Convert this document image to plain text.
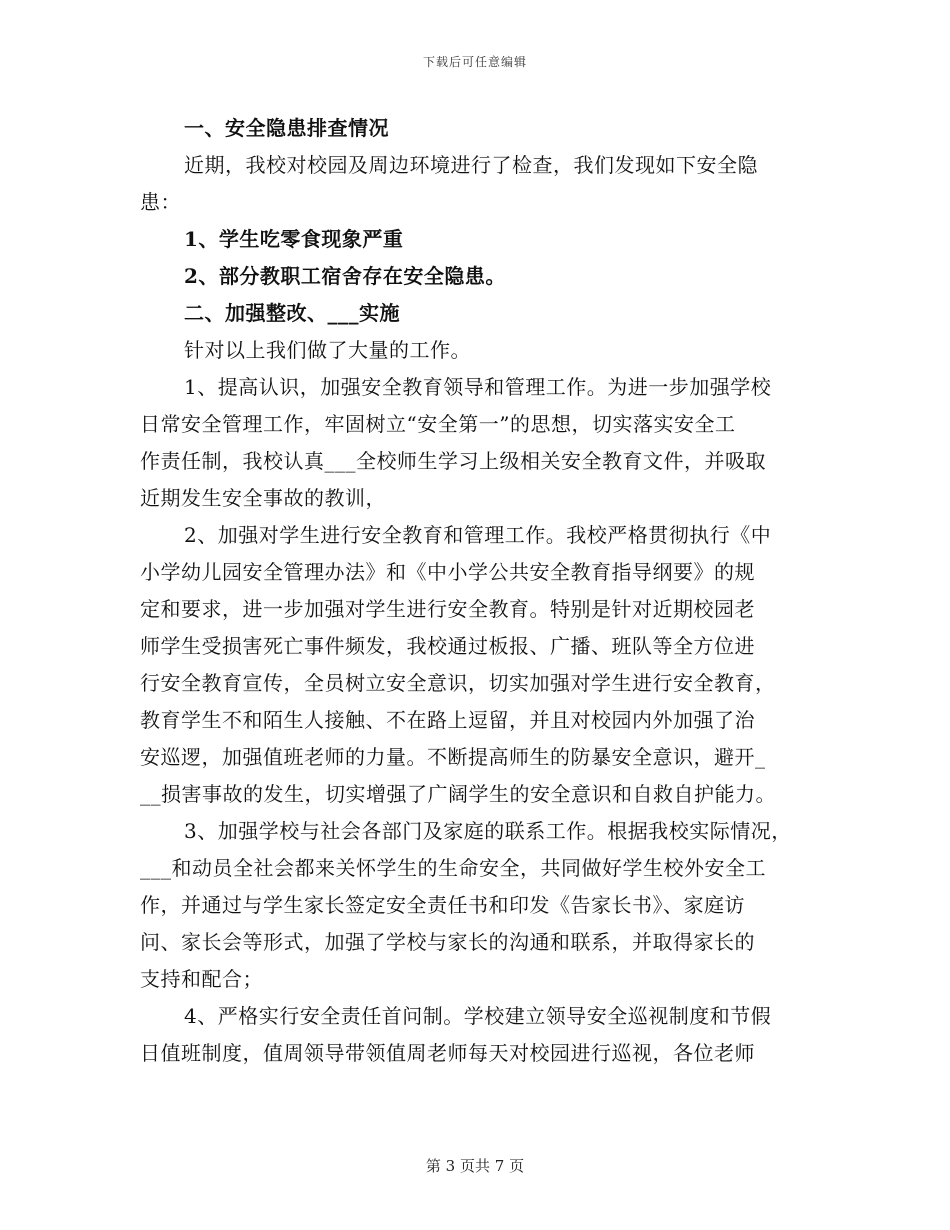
下载后可任意编辑
一、安全隐患排查情况
近期，我校对校园及周边环境进行了检查，我们发现如下安全隐
患：
1、学生吃零食现象严重
2、部分教职工宿舍存在安全隐患。
二、加强整改、___实施
针对以上我们做了大量的工作。
1、提高认识，加强安全教育领导和管理工作。为进一步加强学校
日常安全管理工作，牢固树立“安全第一”的思想，切实落实安全工
作责任制，我校认真___全校师生学习上级相关安全教育文件，并吸取
近期发生安全事故的教训，
2、加强对学生进行安全教育和管理工作。我校严格贯彻执行《中
小学幼儿园安全管理办法》和《中小学公共安全教育指导纲要》的规
定和要求，进一步加强对学生进行安全教育。特别是针对近期校园老
师学生受损害死亡事件频发，我校通过板报、广播、班队等全方位进
行安全教育宣传，全员树立安全意识，切实加强对学生进行安全教育，
教育学生不和陌生人接触、不在路上逗留，并且对校园内外加强了治
安巡逻，加强值班老师的力量。不断提高师生的防暴安全意识，避开_
__损害事故的发生，切实增强了广阔学生的安全意识和自救自护能力。
3、加强学校与社会各部门及家庭的联系工作。根据我校实际情况，
___和动员全社会都来关怀学生的生命安全，共同做好学生校外安全工
作，并通过与学生家长签定安全责任书和印发《告家长书》、家庭访
问、家长会等形式，加强了学校与家长的沟通和联系，并取得家长的
支持和配合；
4、严格实行安全责任首问制。学校建立领导安全巡视制度和节假
日值班制度，值周领导带领值周老师每天对校园进行巡视，各位老师
第 3 页共 7 页
